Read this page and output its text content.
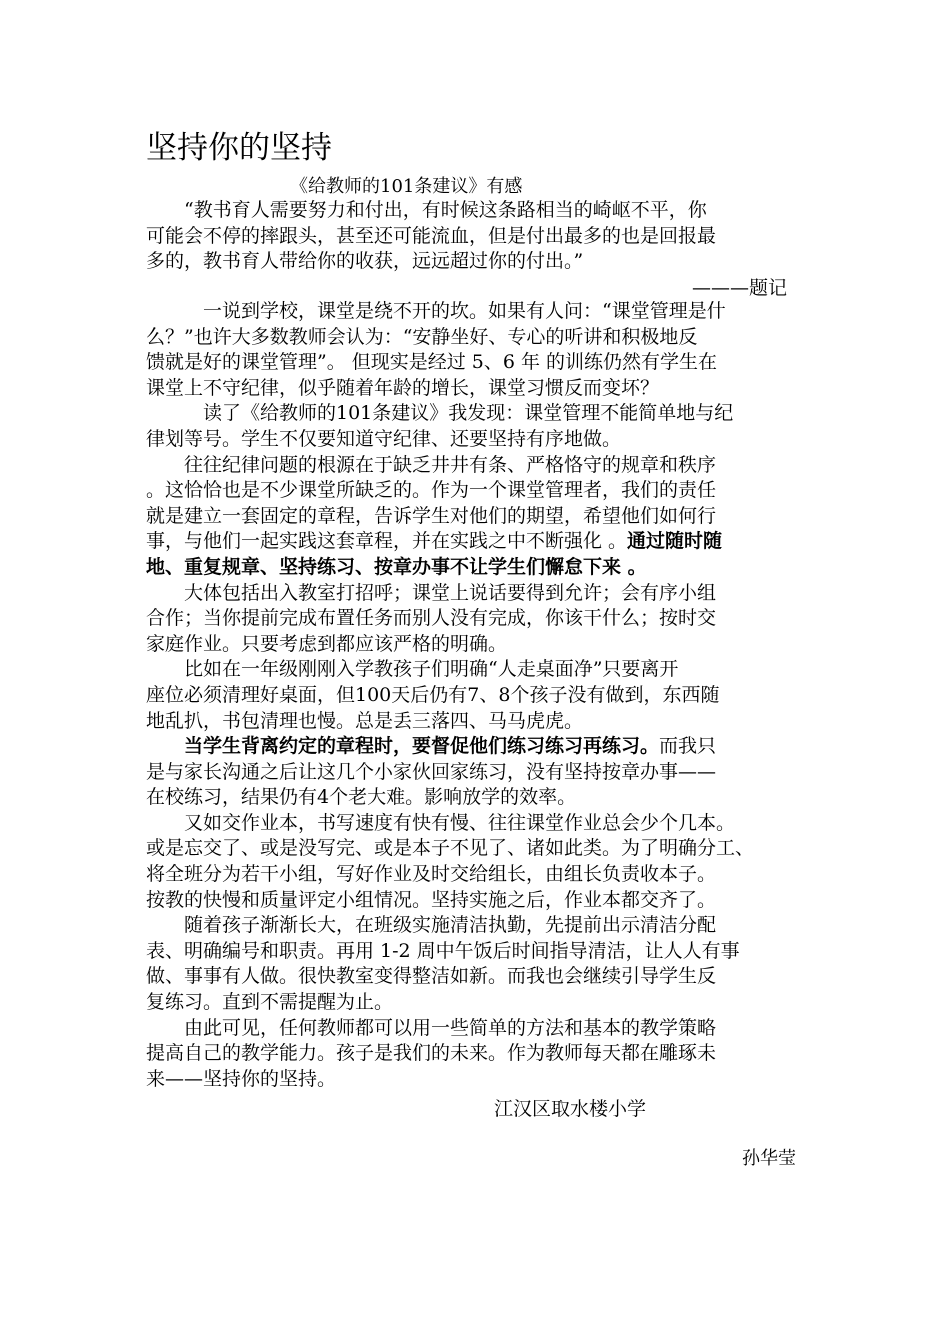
坚持你的坚持
《给教师的101条建议》有感
　　“教书育人需要努力和付出，有时候这条路相当的崎岖不平，你
可能会不停的摔跟头，甚至还可能流血，但是付出最多的也是回报最
多的，教书育人带给你的收获，远远超过你的付出。”
———题记
　　　一说到学校，课堂是绕不开的坎。如果有人问：“课堂管理是什
么？”也许大多数教师会认为：“安静坐好、专心的听讲和积极地反
馈就是好的课堂管理”。 但现实是经过 5、6 年 的训练仍然有学生在
课堂上不守纪律，似乎随着年龄的增长，课堂习惯反而变坏？
　　　读了《给教师的101条建议》我发现：课堂管理不能简单地与纪
律划等号。学生不仅要知道守纪律、还要坚持有序地做。
　　往往纪律问题的根源在于缺乏井井有条、严格恪守的规章和秩序
。这恰恰也是不少课堂所缺乏的。作为一个课堂管理者，我们的责任
就是建立一套固定的章程，告诉学生对他们的期望，希望他们如何行
事，与他们一起实践这套章程，并在实践之中不断强化 。通过随时随
地、重复规章、坚持练习、按章办事不让学生们懈怠下来 。
　　大体包括出入教室打招呼；课堂上说话要得到允许；会有序小组
合作；当你提前完成布置任务而别人没有完成，你该干什么；按时交
家庭作业。只要考虑到都应该严格的明确。
　　比如在一年级刚刚入学教孩子们明确“人走桌面净”只要离开
座位必须清理好桌面，但100天后仍有7、8个孩子没有做到，东西随
地乱扒，书包清理也慢。总是丢三落四、马马虎虎。
　　当学生背离约定的章程时，要督促他们练习练习再练习。而我只
是与家长沟通之后让这几个小家伙回家练习，没有坚持按章办事——
在校练习，结果仍有4个老大难。影响放学的效率。
　　又如交作业本，书写速度有快有慢、往往课堂作业总会少个几本。
或是忘交了、或是没写完、或是本子不见了、诸如此类。为了明确分工、
将全班分为若干小组，写好作业及时交给组长，由组长负责收本子。
按教的快慢和质量评定小组情况。坚持实施之后，作业本都交齐了。
　　随着孩子渐渐长大，在班级实施清洁执勤，先提前出示清洁分配
表、明确编号和职责。再用 1-2 周中午饭后时间指导清洁，让人人有事
做、事事有人做。很快教室变得整洁如新。而我也会继续引导学生反
复练习。直到不需提醒为止。
　　由此可见，任何教师都可以用一些简单的方法和基本的教学策略
提高自己的教学能力。孩子是我们的未来。作为教师每天都在雕琢未
来——坚持你的坚持。
江汉区取水楼小学
孙华莹
